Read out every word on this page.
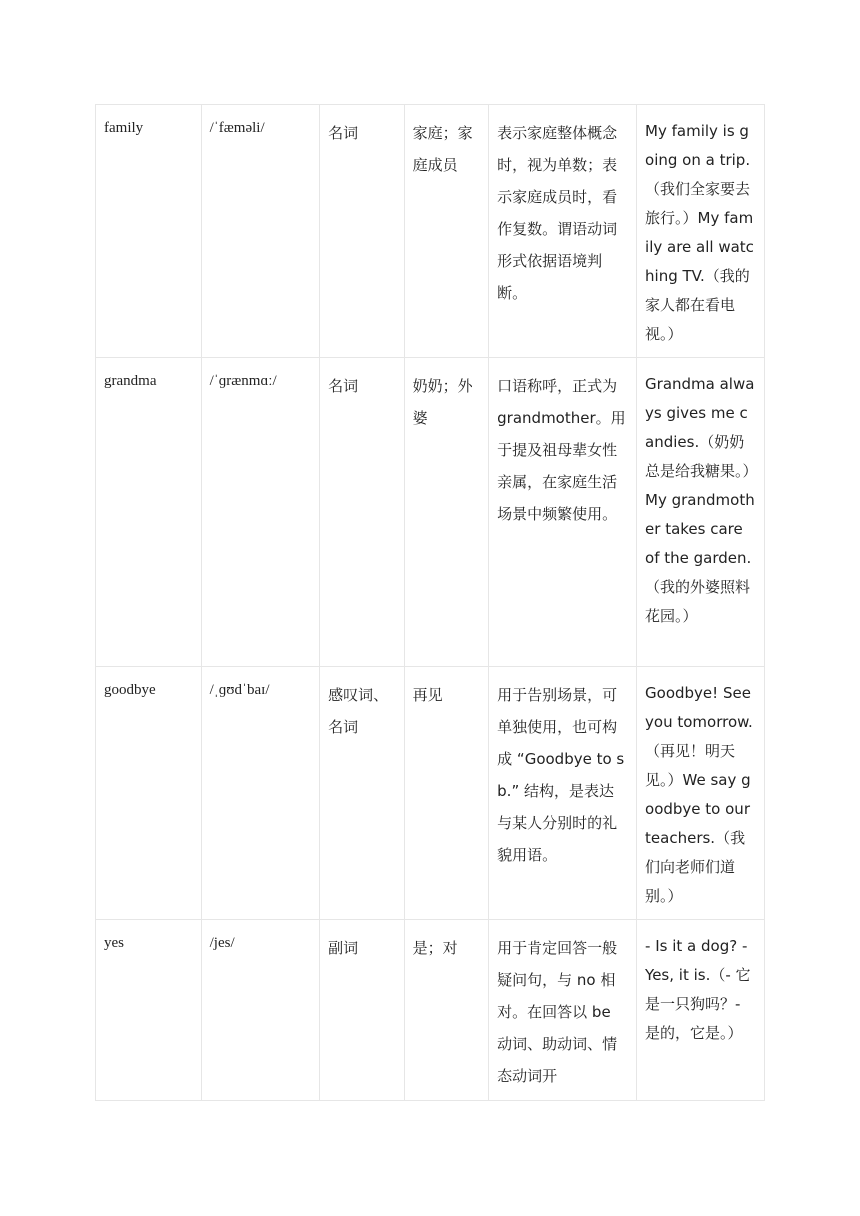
family	/ˈfæməli/	名词	家庭；家庭成员	表示家庭整体概念时，视为单数；表示家庭成员时，看作复数。谓语动词形式依据语境判断。	My family is going on a trip.（我们全家要去旅行。）My family are all watching TV.（我的家人都在看电视。）
grandma	/ˈɡrænmɑː/	名词	奶奶；外婆	口语称呼，正式为 grandmother。用于提及祖母辈女性亲属，在家庭生活场景中频繁使用。	Grandma always gives me candies.（奶奶总是给我糖果。）My grandmother takes care of the garden.（我的外婆照料花园。）
goodbye	/ˌɡʊdˈbaɪ/	感叹词、名词	再见	用于告别场景，可单独使用，也可构成 “Goodbye to sb.” 结构，是表达与某人分别时的礼貌用语。	Goodbye! See you tomorrow.（再见！明天见。）We say goodbye to our teachers.（我们向老师们道别。）
yes	/jes/	副词	是；对	用于肯定回答一般疑问句，与 no 相对。在回答以 be 动词、助动词、情态动词开	- Is it a dog? - Yes, it is.（- 它是一只狗吗？- 是的，它是。）
